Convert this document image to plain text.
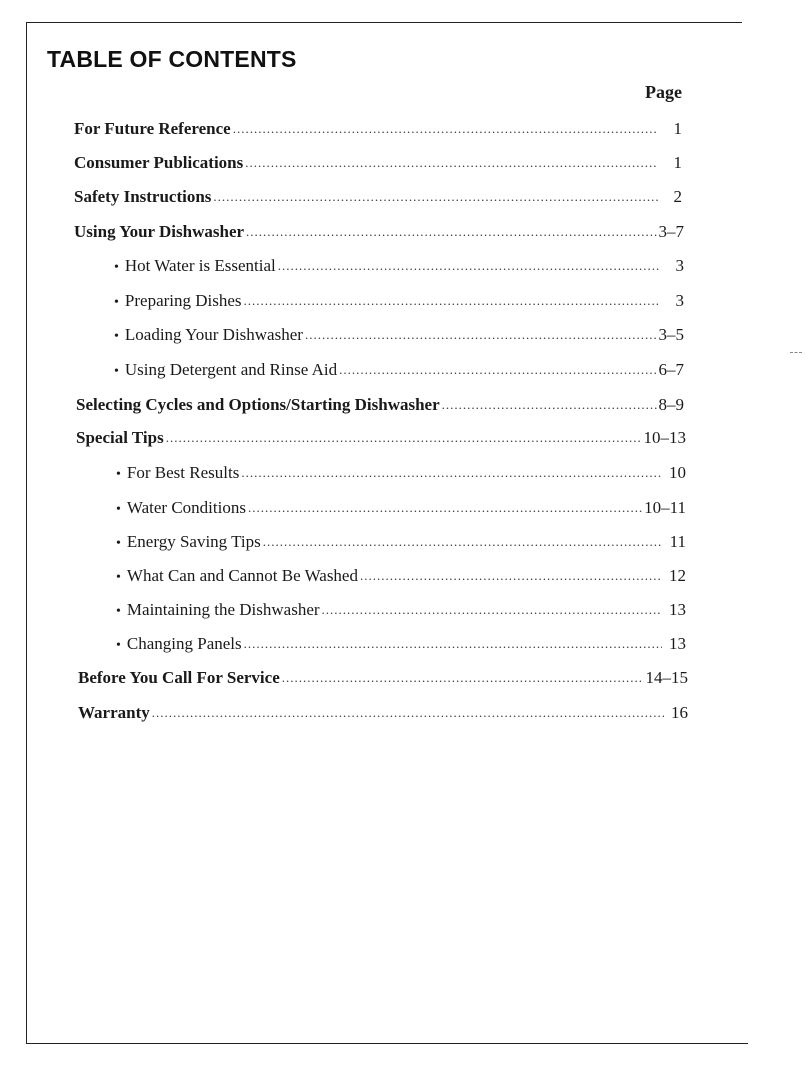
TABLE OF CONTENTS
Page
For Future Reference .....	1
Consumer Publications .....	1
Safety Instructions .....	2
Using Your Dishwasher .....	3–7
• Hot Water is Essential .....	3
• Preparing Dishes .....	3
• Loading Your Dishwasher .....	3–5
• Using Detergent and Rinse Aid .....	6–7
Selecting Cycles and Options/Starting Dishwasher .....	8–9
Special Tips .....	10–13
• For Best Results .....	10
• Water Conditions .....	10–11
• Energy Saving Tips .....	11
• What Can and Cannot Be Washed .....	12
• Maintaining the Dishwasher .....	13
• Changing Panels .....	13
Before You Call For Service .....	14–15
Warranty .....	16
